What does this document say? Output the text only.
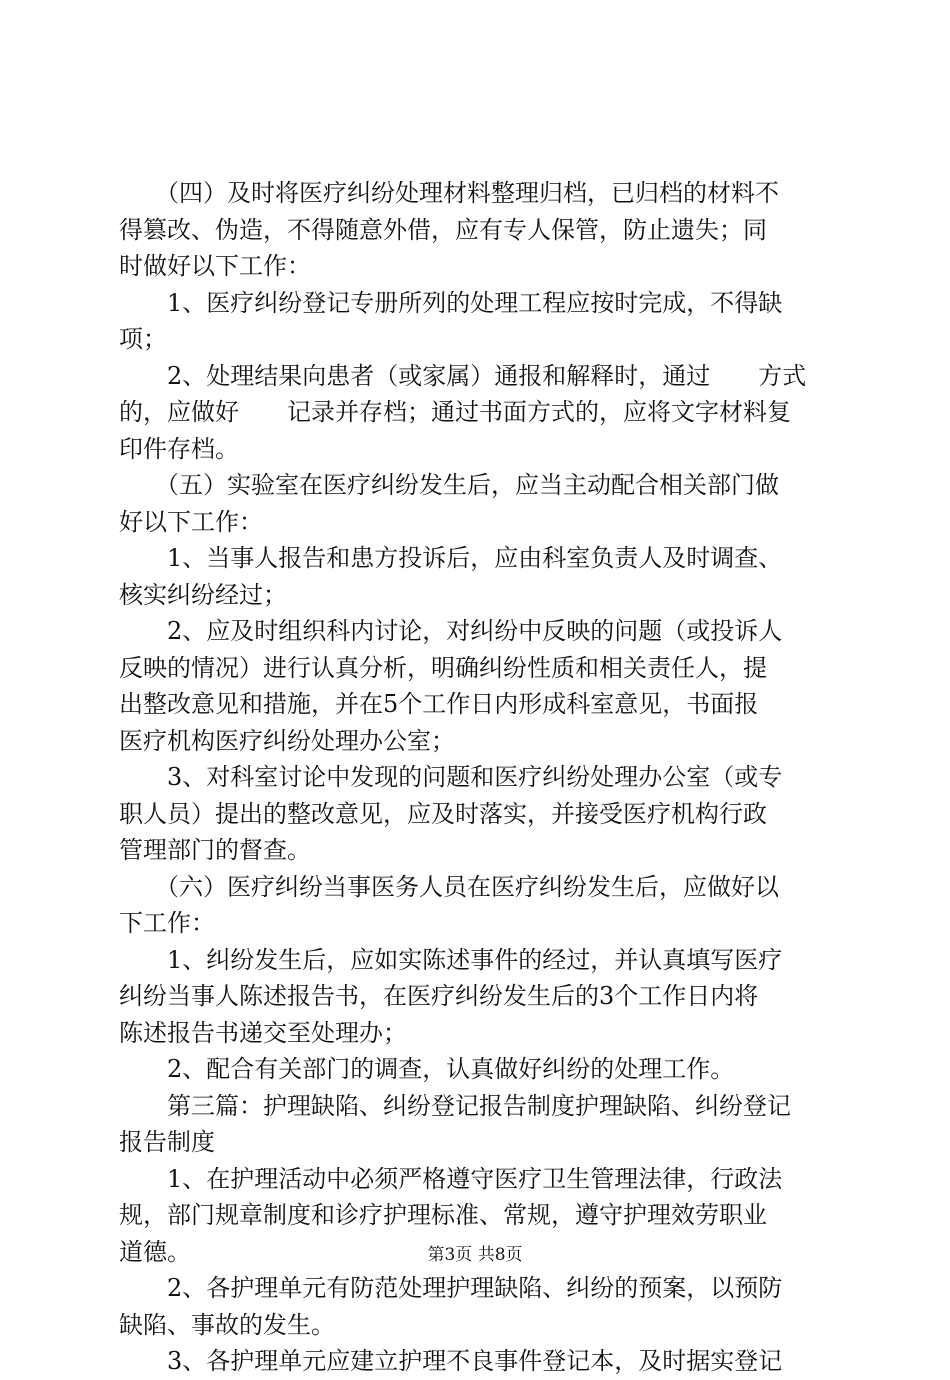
　　（四）及时将医疗纠纷处理材料整理归档，已归档的材料不
得篡改、伪造，不得随意外借，应有专人保管，防止遗失；同
时做好以下工作：
　　1、医疗纠纷登记专册所列的处理工程应按时完成，不得缺
项；
　　2、处理结果向患者（或家属）通报和解释时，通过　　方式
的，应做好　　记录并存档；通过书面方式的，应将文字材料复
印件存档。
　　（五）实验室在医疗纠纷发生后，应当主动配合相关部门做
好以下工作：
　　1、当事人报告和患方投诉后，应由科室负责人及时调查、
核实纠纷经过；
　　2、应及时组织科内讨论，对纠纷中反映的问题（或投诉人
反映的情况）进行认真分析，明确纠纷性质和相关责任人，提
出整改意见和措施，并在5个工作日内形成科室意见，书面报
医疗机构医疗纠纷处理办公室；
　　3、对科室讨论中发现的问题和医疗纠纷处理办公室（或专
职人员）提出的整改意见，应及时落实，并接受医疗机构行政
管理部门的督查。
　　（六）医疗纠纷当事医务人员在医疗纠纷发生后，应做好以
下工作：
　　1、纠纷发生后，应如实陈述事件的经过，并认真填写医疗
纠纷当事人陈述报告书，在医疗纠纷发生后的3个工作日内将
陈述报告书递交至处理办；
　　2、配合有关部门的调查，认真做好纠纷的处理工作。
　　第三篇：护理缺陷、纠纷登记报告制度护理缺陷、纠纷登记
报告制度
　　1、在护理活动中必须严格遵守医疗卫生管理法律，行政法
规，部门规章制度和诊疗护理标准、常规，遵守护理效劳职业
道德。
　　2、各护理单元有防范处理护理缺陷、纠纷的预案，以预防
缺陷、事故的发生。
　　3、各护理单元应建立护理不良事件登记本，及时据实登记
第3页 共8页
